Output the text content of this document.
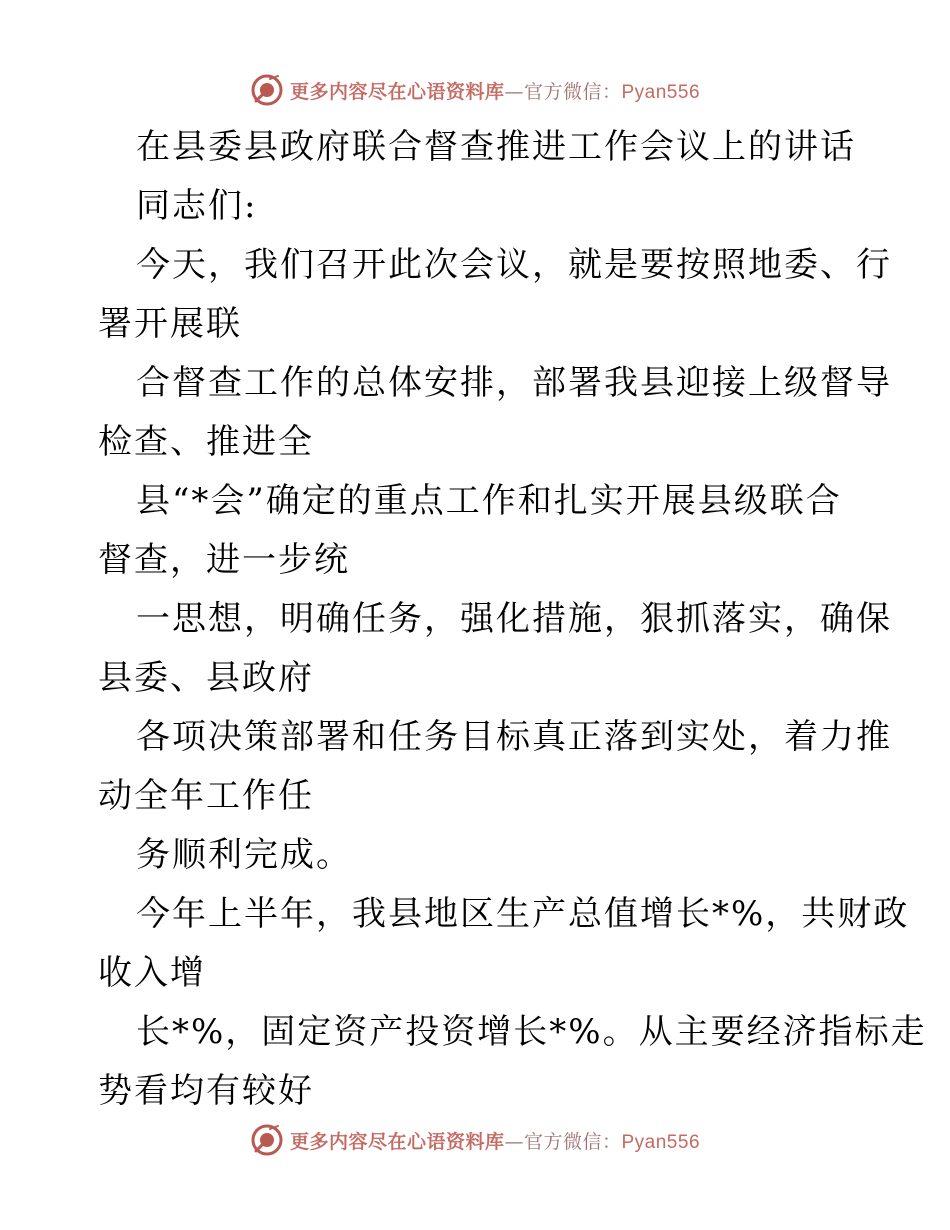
更多内容尽在心语资料库—官方微信：Pyan556
在县委县政府联合督查推进工作会议上的讲话
同志们:
今天，我们召开此次会议，就是要按照地委、行
署开展联
合督查工作的总体安排，部署我县迎接上级督导
检查、推进全
县“*会”确定的重点工作和扎实开展县级联合
督查，进一步统
一思想，明确任务，强化措施，狠抓落实，确保
县委、县政府
各项决策部署和任务目标真正落到实处，着力推
动全年工作任
务顺利完成。
今年上半年，我县地区生产总值增长*%，共财政
收入增
长*%，固定资产投资增长*%。从主要经济指标走
势看均有较好
更多内容尽在心语资料库—官方微信：Pyan556
